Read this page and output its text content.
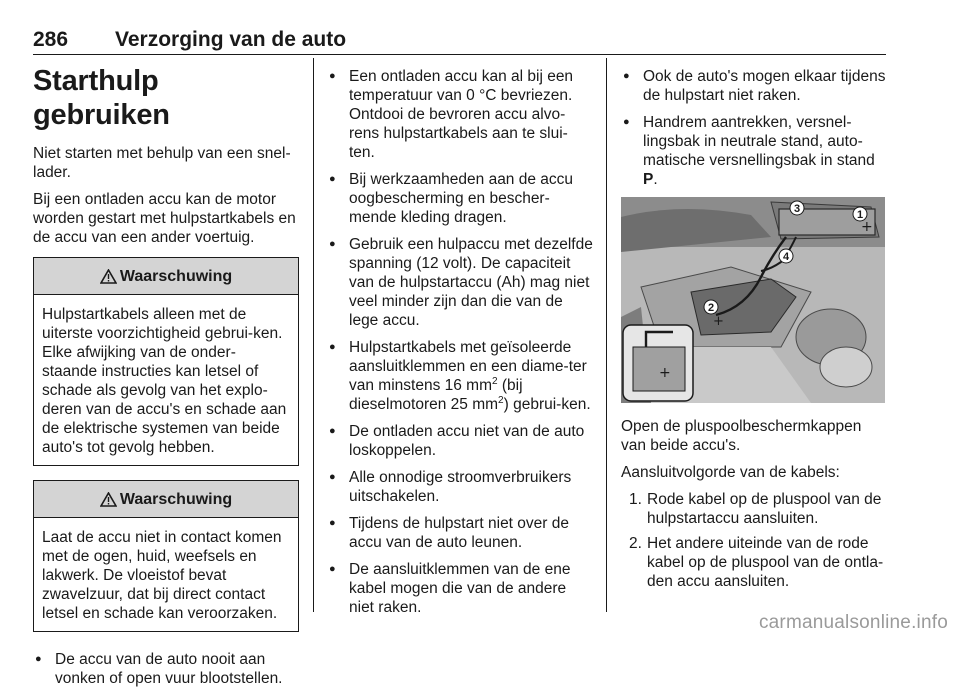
286 Verzorging van de auto
Starthulp gebruiken

Niet starten met behulp van een snel-lader.

Bij een ontladen accu kan de motor worden gestart met hulpstartkabels en de accu van een ander voertuig.

Waarschuwing
Hulpstartkabels alleen met de uiterste voorzichtigheid gebrui-ken. Elke afwijking van de onder-staande instructies kan letsel of schade als gevolg van het explo-deren van de accu's en schade aan de elektrische systemen van beide auto's tot gevolg hebben.
Waarschuwing
Laat de accu niet in contact komen met de ogen, huid, weefsels en lakwerk. De vloeistof bevat zwavelzuur, dat bij direct contact letsel en schade kan veroorzaken.
● De accu van de auto nooit aan vonken of open vuur blootstellen.
● Een ontladen accu kan al bij een temperatuur van 0 °C bevriezen. Ontdooi de bevroren accu alvo-rens hulpstartkabels aan te slui-ten.
● Bij werkzaamheden aan de accu oogbescherming en bescher-mende kleding dragen.
● Gebruik een hulpaccu met dezelfde spanning (12 volt). De capaciteit van de hulpstartaccu (Ah) mag niet veel minder zijn dan die van de lege accu.
● Hulpstartkabels met geïsoleerde aansluitklemmen en een diame-ter van minstens 16 $mm^2$ (bij dieselmotoren 25 $mm^2$) gebrui-ken.
● De ontladen accu niet van de auto loskoppelen.
● Alle onnodige stroomverbruikers uitschakelen.
● Tijdens de hulpstart niet over de accu van de auto leunen.
● De aansluitklemmen van de ene kabel mogen die van de andere niet raken.
● Ook de auto's mogen elkaar tijdens de hulpstart niet raken.
● Handrem aantrekken, versnel-lingsbak in neutrale stand, auto-matische versnellingsbak in stand P.
+
1
+
2
+
3
4

Open de pluspoolbeschermkappen van beide accu's.

Aansluitvolgorde van de kabels:

1. Rode kabel op de pluspool van de hulpstartaccu aansluiten.
2. Het andere uiteinde van de rode kabel op de pluspool van de ontla-den accu aansluiten.
carmanualsonline.info
